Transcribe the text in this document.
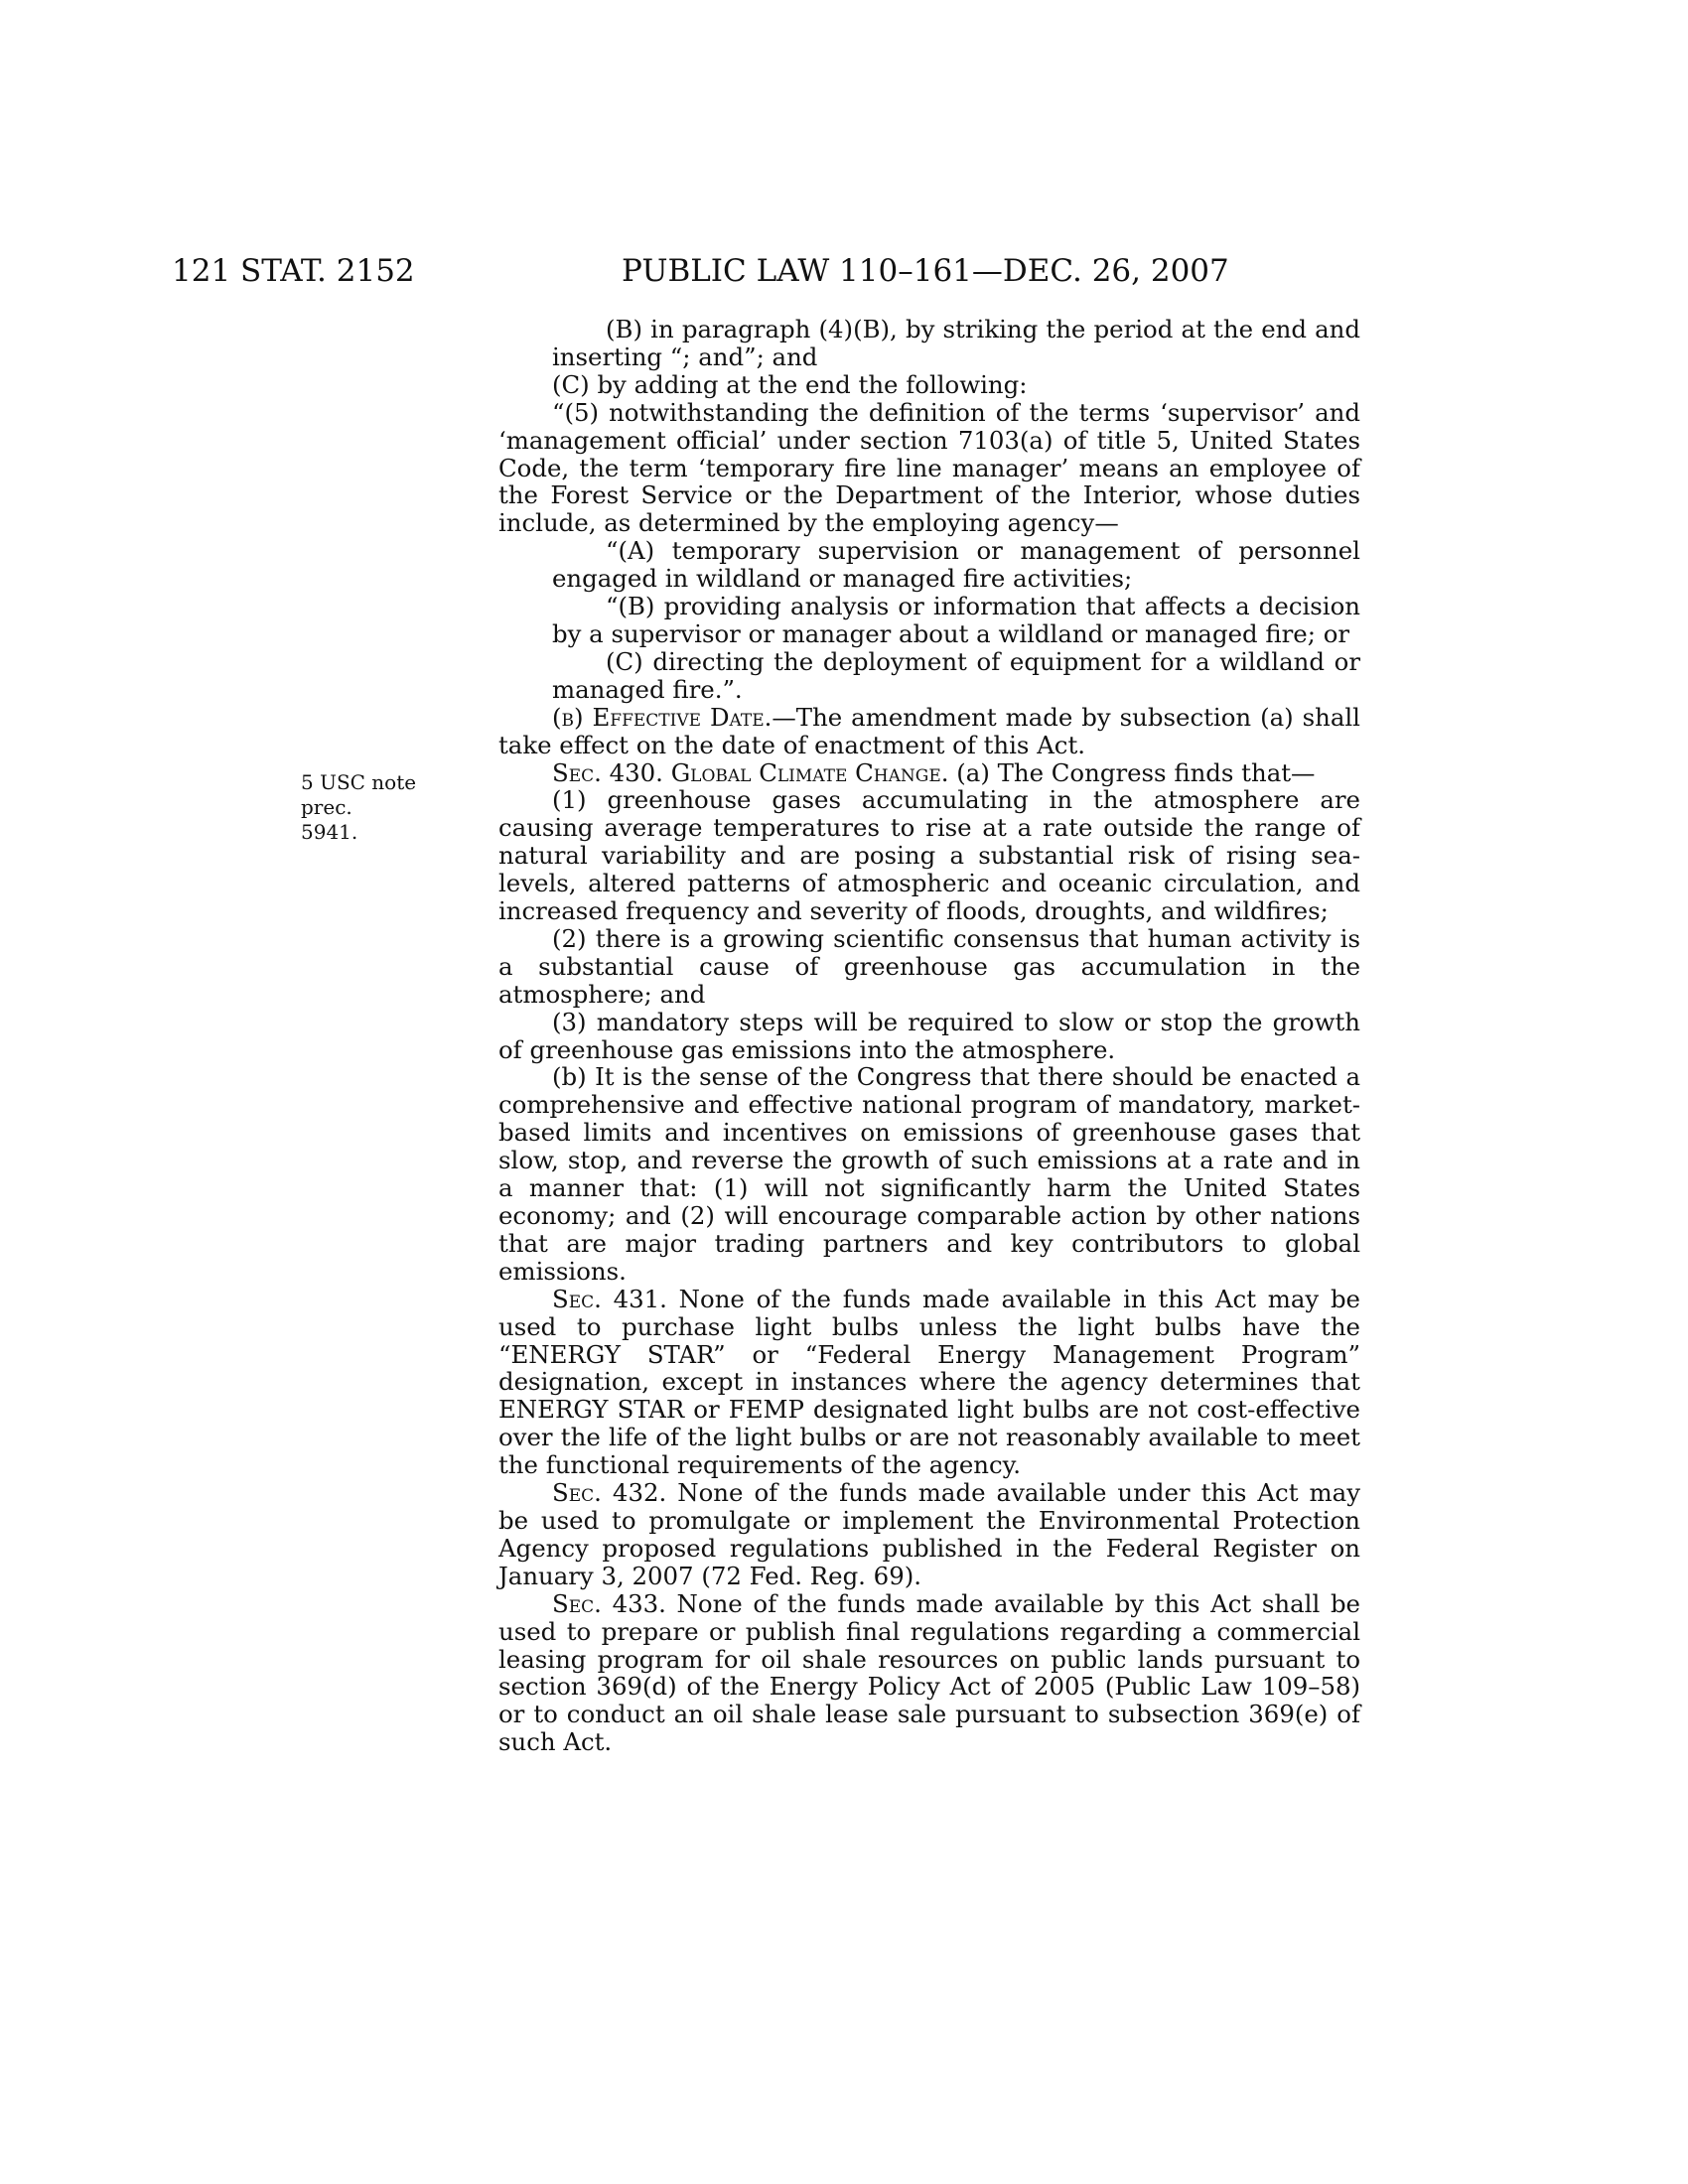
121 STAT. 2152	PUBLIC LAW 110–161—DEC. 26, 2007
5 USC note prec.
5941.

(B) in paragraph (4)(B), by striking the period at the end and inserting “; and”; and

(C) by adding at the end the following:

“(5) notwithstanding the definition of the terms ‘supervisor’ and ‘management official’ under section 7103(a) of title 5, United States Code, the term ‘temporary fire line manager’ means an employee of the Forest Service or the Department of the Interior, whose duties include, as determined by the employing agency—

“(A) temporary supervision or management of personnel engaged in wildland or managed fire activities;

“(B) providing analysis or information that affects a decision by a supervisor or manager about a wildland or managed fire; or

(C) directing the deployment of equipment for a wildland or managed fire.”.

(b) Effective Date.—The amendment made by subsection (a) shall take effect on the date of enactment of this Act.

Sec. 430. Global Climate Change. (a) The Congress finds that—

(1) greenhouse gases accumulating in the atmosphere are causing average temperatures to rise at a rate outside the range of natural variability and are posing a substantial risk of rising sea-levels, altered patterns of atmospheric and oceanic circulation, and increased frequency and severity of floods, droughts, and wildfires;

(2) there is a growing scientific consensus that human activity is a substantial cause of greenhouse gas accumulation in the atmosphere; and

(3) mandatory steps will be required to slow or stop the growth of greenhouse gas emissions into the atmosphere.

(b) It is the sense of the Congress that there should be enacted a comprehensive and effective national program of mandatory, market-based limits and incentives on emissions of greenhouse gases that slow, stop, and reverse the growth of such emissions at a rate and in a manner that: (1) will not significantly harm the United States economy; and (2) will encourage comparable action by other nations that are major trading partners and key contributors to global emissions.

Sec. 431. None of the funds made available in this Act may be used to purchase light bulbs unless the light bulbs have the “ENERGY STAR” or “Federal Energy Management Program” designation, except in instances where the agency determines that ENERGY STAR or FEMP designated light bulbs are not cost-effective over the life of the light bulbs or are not reasonably available to meet the functional requirements of the agency.

Sec. 432. None of the funds made available under this Act may be used to promulgate or implement the Environmental Protection Agency proposed regulations published in the Federal Register on January 3, 2007 (72 Fed. Reg. 69).

Sec. 433. None of the funds made available by this Act shall be used to prepare or publish final regulations regarding a commercial leasing program for oil shale resources on public lands pursuant to section 369(d) of the Energy Policy Act of 2005 (Public Law 109–58) or to conduct an oil shale lease sale pursuant to subsection 369(e) of such Act.
